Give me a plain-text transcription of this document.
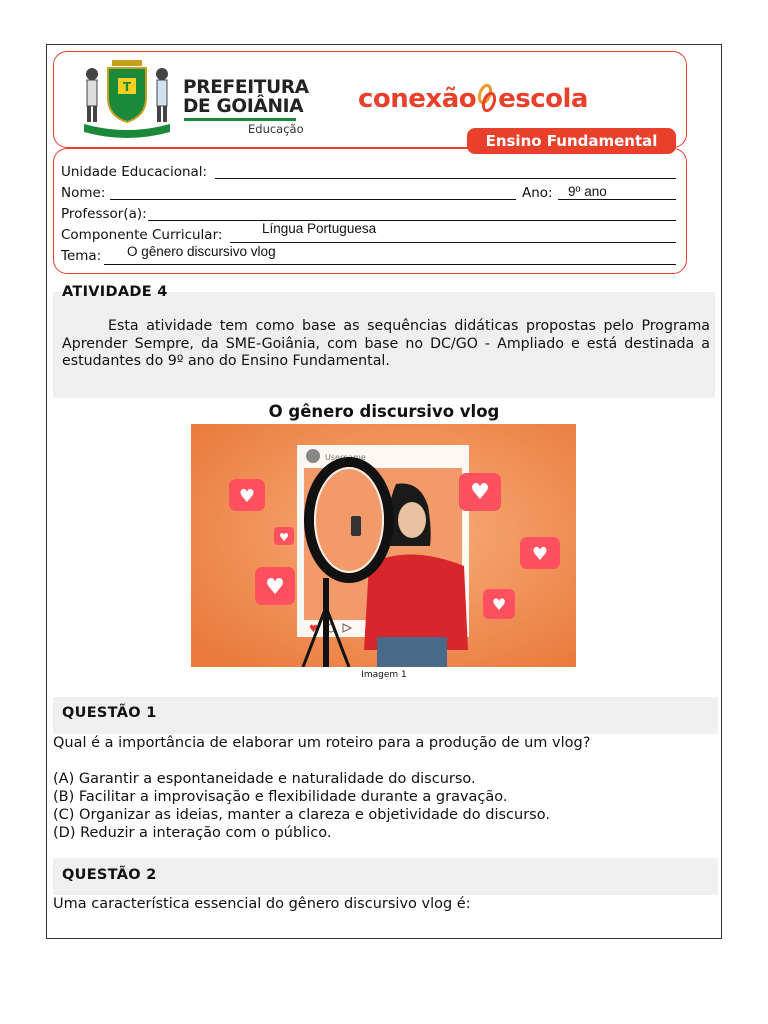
T	PREFEITURA
DE GOIÂNIA
Educação
conexão escola
Ensino Fundamental
Unidade Educacional:
Nome:	Ano: 9º ano
Professor(a):
Componente Curricular:	Língua Portuguesa
Tema: O gênero discursivo vlog
ATIVIDADE 4
Esta atividade tem como base as sequências didáticas propostas pelo Programa Aprender Sempre, da SME-Goiânia, com base no DC/GO - Ampliado e está destinada a estudantes do 9º ano do Ensino Fundamental.
O gênero discursivo vlog
Username
♥
♥	♥
♥
♥
♥
♥
Imagem 1
QUESTÃO 1
Qual é a importância de elaborar um roteiro para a produção de um vlog?
(A) Garantir a espontaneidade e naturalidade do discurso.
(B) Facilitar a improvisação e flexibilidade durante a gravação.
(C) Organizar as ideias, manter a clareza e objetividade do discurso.
(D) Reduzir a interação com o público.
QUESTÃO 2
Uma característica essencial do gênero discursivo vlog é:
